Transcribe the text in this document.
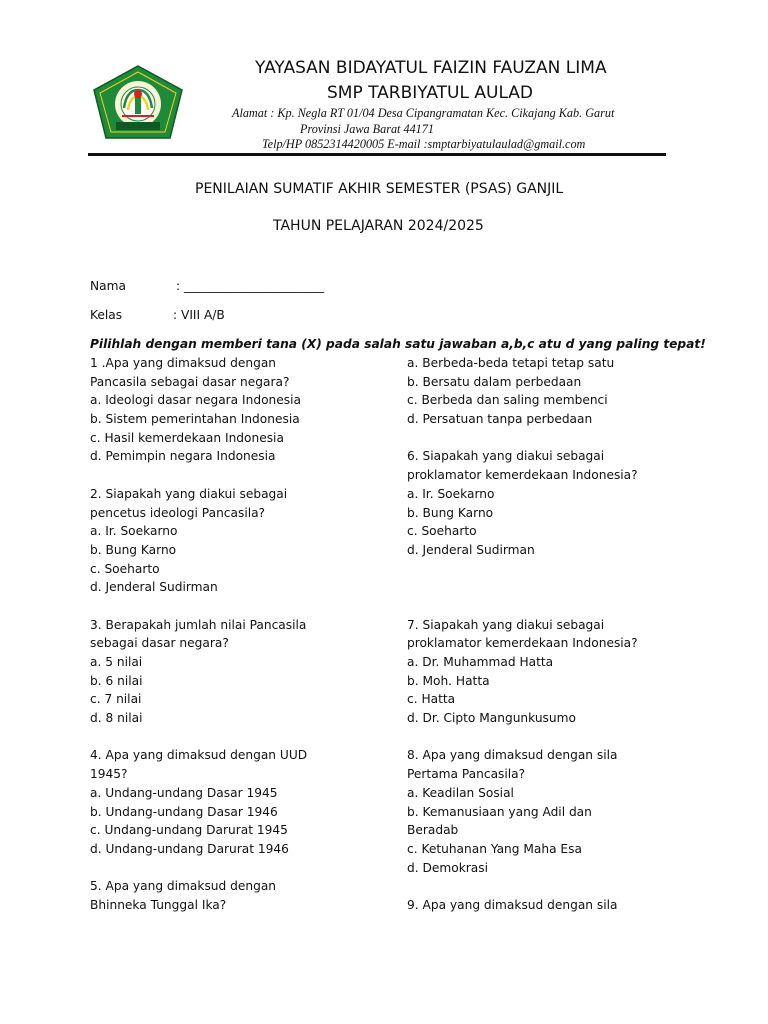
YAYASAN BIDAYATUL FAIZIN FAUZAN LIMA
SMP TARBIYATUL AULAD
Alamat : Kp. Negla RT 01/04 Desa Cipangramatan Kec. Cikajang Kab. Garut
Provinsi Jawa Barat 44171
Telp/HP 085231442000​5 E-mail :smptarbiyatulaulad@gmail.com
PENILAIAN SUMATIF AKHIR SEMESTER (PSAS) GANJIL
TAHUN PELAJARAN 2024/2025
Nama	: _______________________
Kelas	: VIII A/B
Pilihlah dengan memberi tana (X) pada salah satu jawaban a,b,c atu d yang paling tepat!
1 .Apa yang dimaksud dengan
Pancasila sebagai dasar negara?
a. Ideologi dasar negara Indonesia
b. Sistem pemerintahan Indonesia
c. Hasil kemerdekaan Indonesia
d. Pemimpin negara Indonesia
2. Siapakah yang diakui sebagai
pencetus ideologi Pancasila?
a. Ir. Soekarno
b. Bung Karno
c. Soeharto
d. Jenderal Sudirman
3. Berapakah jumlah nilai Pancasila
sebagai dasar negara?
a. 5 nilai
b. 6 nilai
c. 7 nilai
d. 8 nilai
4. Apa yang dimaksud dengan UUD
1945?
a. Undang-undang Dasar 1945
b. Undang-undang Dasar 1946
c. Undang-undang Darurat 1945
d. Undang-undang Darurat 1946
5. Apa yang dimaksud dengan
Bhinneka Tunggal Ika?
a. Berbeda-beda tetapi tetap satu
b. Bersatu dalam perbedaan
c. Berbeda dan saling membenci
d. Persatuan tanpa perbedaan
6. Siapakah yang diakui sebagai
proklamator kemerdekaan Indonesia?
a. Ir. Soekarno
b. Bung Karno
c. Soeharto
d. Jenderal Sudirman
7. Siapakah yang diakui sebagai
proklamator kemerdekaan Indonesia?
a. Dr. Muhammad Hatta
b. Moh. Hatta
c. Hatta
d. Dr. Cipto Mangunkusumo
8. Apa yang dimaksud dengan sila
Pertama Pancasila?
a. Keadilan Sosial
b. Kemanusiaan yang Adil dan
Beradab
c. Ketuhanan Yang Maha Esa
d. Demokrasi
9. Apa yang dimaksud dengan sila
